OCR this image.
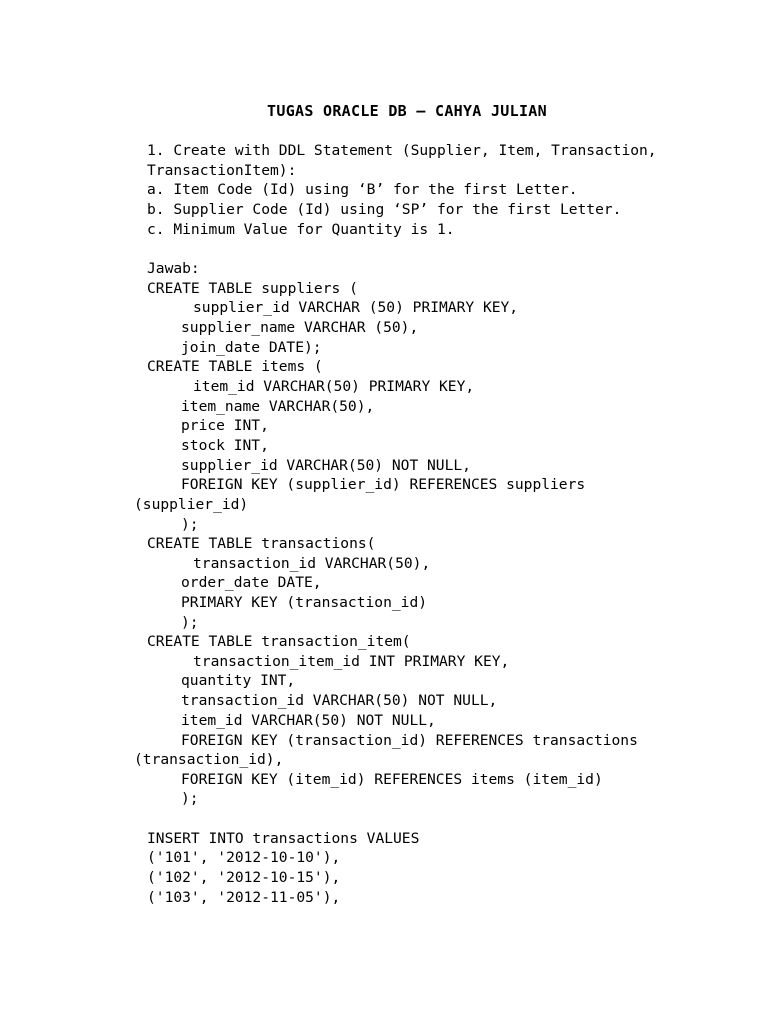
TUGAS ORACLE DB – CAHYA JULIAN
1. Create with DDL Statement (Supplier, Item, Transaction,
TransactionItem):
a. Item Code (Id) using ‘B’ for the first Letter.
b. Supplier Code (Id) using ‘SP’ for the first Letter.
c. Minimum Value for Quantity is 1.
Jawab:
CREATE TABLE suppliers (
supplier_id VARCHAR (50) PRIMARY KEY,
supplier_name VARCHAR (50),
join_date DATE);
CREATE TABLE items (
item_id VARCHAR(50) PRIMARY KEY,
item_name VARCHAR(50),
price INT,
stock INT,
supplier_id VARCHAR(50) NOT NULL,
FOREIGN KEY (supplier_id) REFERENCES suppliers
(supplier_id)
);
CREATE TABLE transactions(
transaction_id VARCHAR(50),
order_date DATE,
PRIMARY KEY (transaction_id)
);
CREATE TABLE transaction_item(
transaction_item_id INT PRIMARY KEY,
quantity INT,
transaction_id VARCHAR(50) NOT NULL,
item_id VARCHAR(50) NOT NULL,
FOREIGN KEY (transaction_id) REFERENCES transactions
(transaction_id),
FOREIGN KEY (item_id) REFERENCES items (item_id)
);
INSERT INTO transactions VALUES
('101', '2012-10-10'),
('102', '2012-10-15'),
('103', '2012-11-05'),
